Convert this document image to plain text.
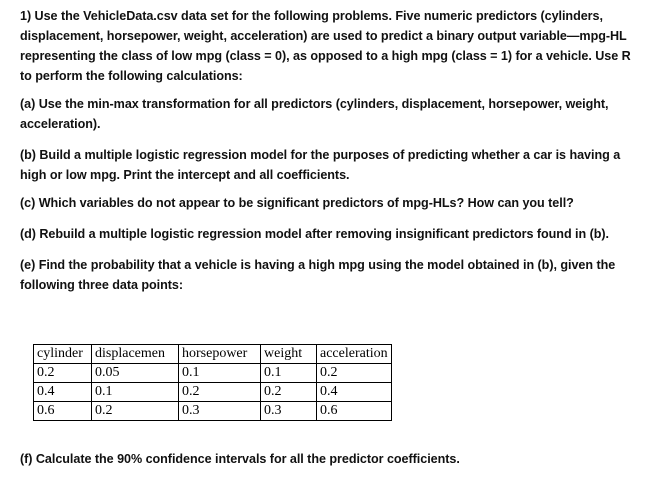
1) Use the VehicleData.csv data set for the following problems. Five numeric predictors (cylinders, displacement, horsepower, weight, acceleration) are used to predict a binary output variable—mpg-HL representing the class of low mpg (class = 0), as opposed to a high mpg (class = 1) for a vehicle. Use R to perform the following calculations:

(a) Use the min-max transformation for all predictors (cylinders, displacement, horsepower, weight, acceleration).

(b) Build a multiple logistic regression model for the purposes of predicting whether a car is having a high or low mpg. Print the intercept and all coefficients.

(c) Which variables do not appear to be significant predictors of mpg-HLs? How can you tell?

(d) Rebuild a multiple logistic regression model after removing insignificant predictors found in (b).

(e) Find the probability that a vehicle is having a high mpg using the model obtained in (b), given the following three data points:

cylinder	displacemen	horsepower	weight	acceleration
0.2	0.05	0.1	0.1	0.2
0.4	0.1	0.2	0.2	0.4
0.6	0.2	0.3	0.3	0.6

(f) Calculate the 90% confidence intervals for all the predictor coefficients.
